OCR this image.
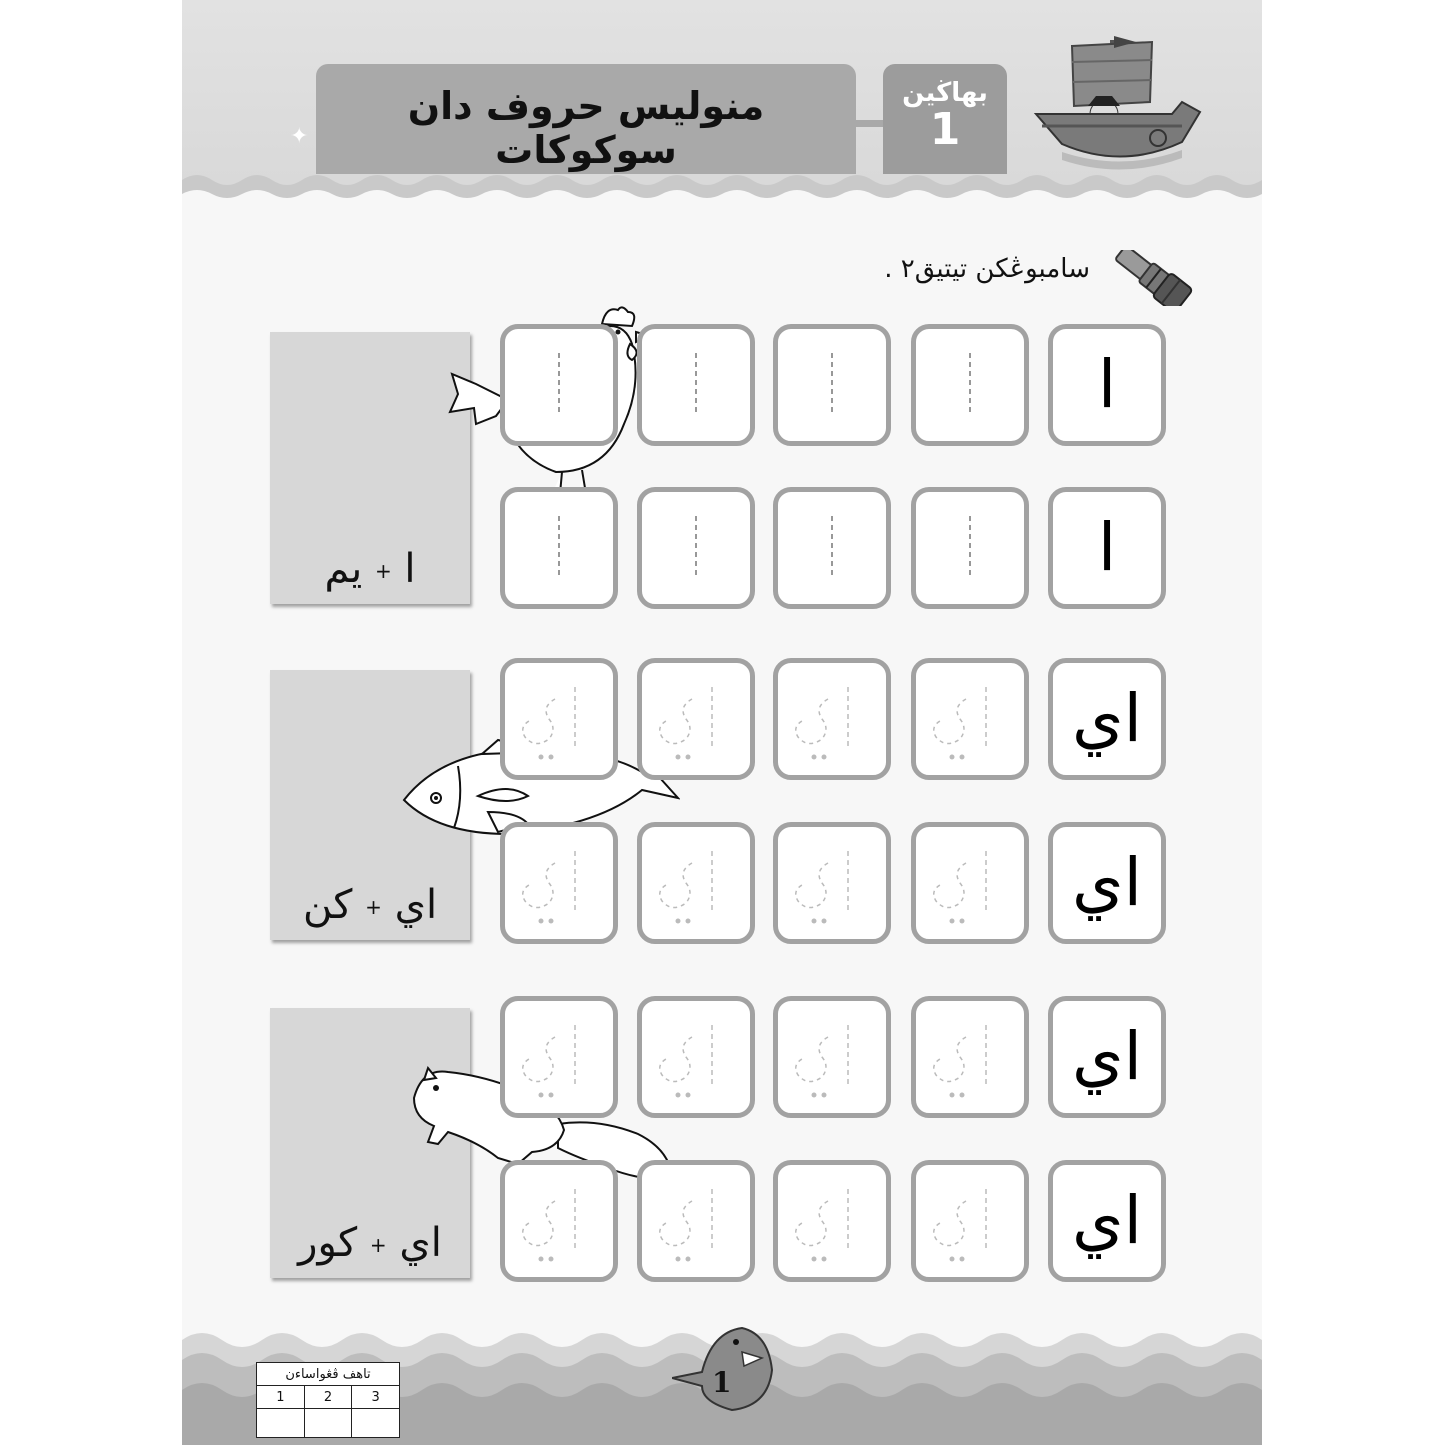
منوليس حروف دان سوكوكات
بهاڬين
1
✦
سامبوڠكن تيتيق٢ .
ا + يم
اي + كن
اي + كور
ا
ا
اي
اي
اي
اي
1
تاهف ڤڠواساءن		
1	2	3
